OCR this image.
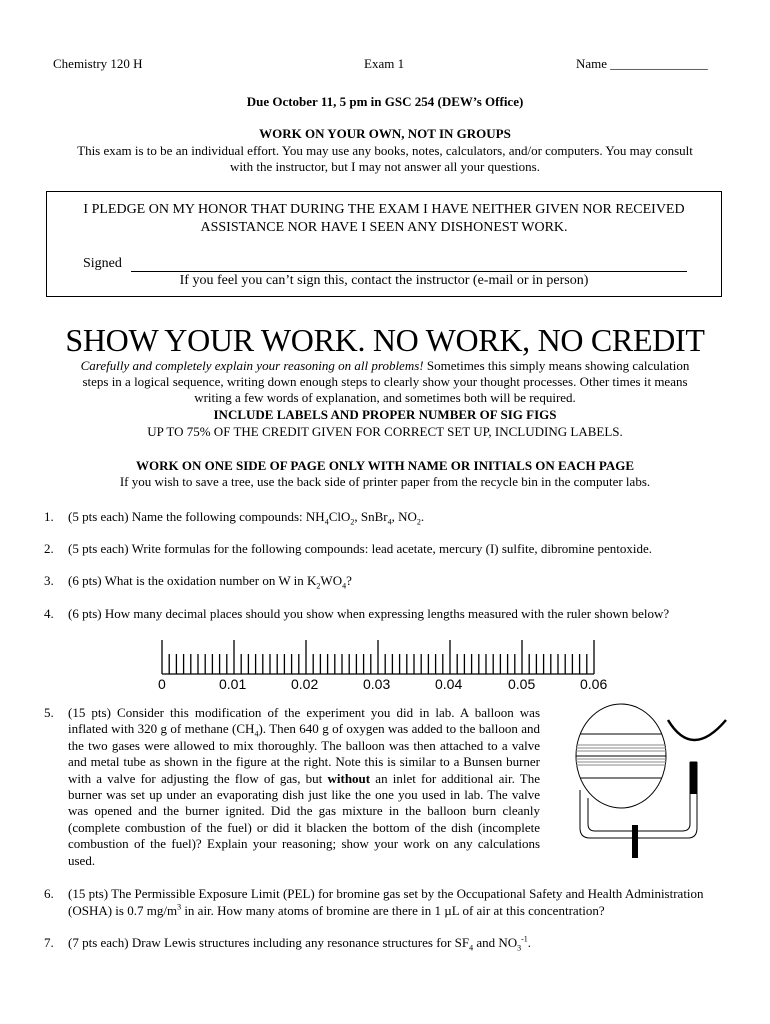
Chemistry 120 H	Exam 1	Name _______________
Due October 11, 5 pm in GSC 254 (DEW’s Office)
WORK ON YOUR OWN, NOT IN GROUPS
This exam is to be an individual effort. You may use any books, notes, calculators, and/or computers. You may consult
with the instructor, but I may not answer all your questions.
I PLEDGE ON MY HONOR THAT DURING THE EXAM I HAVE NEITHER GIVEN NOR RECEIVED
ASSISTANCE NOR HAVE I SEEN ANY DISHONEST WORK.
Signed
If you feel you can’t sign this, contact the instructor (e-mail or in person)
SHOW YOUR WORK. NO WORK, NO CREDIT
Carefully and completely explain your reasoning on all problems! Sometimes this simply means showing calculation
steps in a logical sequence, writing down enough steps to clearly show your thought processes. Other times it means
writing a few words of explanation, and sometimes both will be required.
INCLUDE LABELS AND PROPER NUMBER OF SIG FIGS
UP TO 75% OF THE CREDIT GIVEN FOR CORRECT SET UP, INCLUDING LABELS.
WORK ON ONE SIDE OF PAGE ONLY WITH NAME OR INITIALS ON EACH PAGE
If you wish to save a tree, use the back side of printer paper from the recycle bin in the computer labs.
1. (5 pts each) Name the following compounds: $NH_4ClO_2$, SnBr$_4$, $NO_2$.
2. (5 pts each) Write formulas for the following compounds: lead acetate, mercury (I) sulfite, dibromine pentoxide.
3. (6 pts) What is the oxidation number on W in $K_2WO_4$?
4. (6 pts) How many decimal places should you show when expressing lengths measured with the ruler shown below?
0	0.01	0.02	0.03	0.04	0.05	0.06
5. (15 pts) Consider this modification of the experiment you did in lab. A balloon was inflated with 320 g of methane $(CH_4)$. Then 640 g of oxygen was added to the balloon and the two gases were allowed to mix thoroughly. The balloon was then attached to a valve and metal tube as shown in the figure at the right. Note this is similar to a Bunsen burner with a valve for adjusting the flow of gas, but without an inlet for additional air. The burner was set up under an evaporating dish just like the one you used in lab. The valve was opened and the burner ignited. Did the gas mixture in the balloon burn cleanly (complete combustion of the fuel) or did it blacken the bottom of the dish (incomplete combustion of the fuel)? Explain your reasoning; show your work on any calculations used.
6. (15 pts) The Permissible Exposure Limit (PEL) for bromine gas set by the Occupational Safety and Health Administration
(OSHA) is 0.7 $mg/m^3$ in air. How many atoms of bromine are there in 1 µL of air at this concentration?
7. (7 pts each) Draw Lewis structures including any resonance structures for $SF_4$ and $NO_3^{-1}$.
